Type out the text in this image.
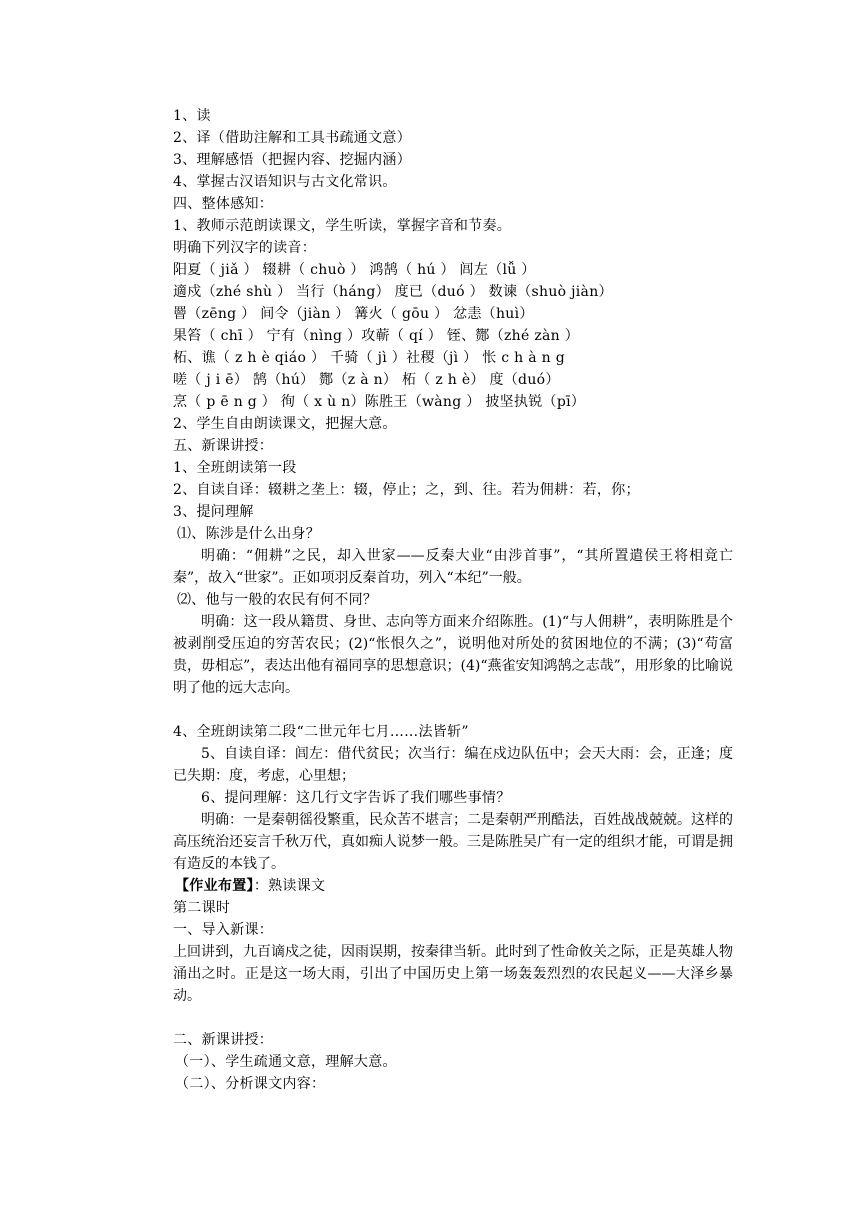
1、读
2、译（借助注解和工具书疏通文意）
3、理解感悟（把握内容、挖掘内涵）
4、掌握古汉语知识与古文化常识。
四、整体感知：
1、教师示范朗读课文，学生听读，掌握字音和节奏。
明确下列汉字的读音：
阳夏（ jiǎ ） 辍耕（ chuò ） 鸿鹄（ hú ） 闾左（lǚ ）
適戍（zhé shù ） 当行（háng） 度已（duó ） 数谏（shuò jiàn）
罾（zēng ） 间令（jiàn ） 篝火（ gōu ） 忿恚（huì）
果笞（ chī ） 宁有（nìng ）攻蕲（ qí ） 铚、酂（zhé zàn ）
柘、谯（ z h è qiáo ） 千骑（ jì ）社稷（jì ） 怅 c h à n g
嗟（ j i ē） 鹄（hú） 酂（z à n） 柘（ z h è） 度（duó）
烹（ p ē n g ） 徇（ x ù n）陈胜王（wàng ） 披坚执锐（pī）
2、学生自由朗读课文，把握大意。
五、新课讲授：
1、全班朗读第一段
2、自读自译：辍耕之垄上：辍，停止；之，到、往。若为佣耕：若，你；
3、提问理解
⑴、陈涉是什么出身？
明确：“佣耕”之民，却入世家——反秦大业“由涉首事”，“其所置遣侯王将相竟亡秦”，故入“世家”。正如项羽反秦首功，列入“本纪”一般。
⑵、他与一般的农民有何不同？
明确：这一段从籍贯、身世、志向等方面来介绍陈胜。(1)“与人佣耕”，表明陈胜是个被剥削受压迫的穷苦农民；(2)“怅恨久之”，说明他对所处的贫困地位的不满；(3)“苟富贵，毋相忘”，表达出他有福同享的思想意识；(4)“燕雀安知鸿鹄之志哉”，用形象的比喻说明了他的远大志向。
4、全班朗读第二段“二世元年七月……法皆斩”
5、自读自译：闾左：借代贫民；次当行：编在戍边队伍中；会天大雨：会，正逢；度已失期：度，考虑，心里想；
6、提问理解：这几行文字告诉了我们哪些事情？
明确：一是秦朝徭役繁重，民众苦不堪言；二是秦朝严刑酷法，百姓战战兢兢。这样的高压统治还妄言千秋万代，真如痴人说梦一般。三是陈胜吴广有一定的组织才能，可谓是拥有造反的本钱了。
【作业布置】：熟读课文
第二课时
一、导入新课：
上回讲到，九百谪戍之徒，因雨误期，按秦律当斩。此时到了性命攸关之际，正是英雄人物涌出之时。正是这一场大雨，引出了中国历史上第一场轰轰烈烈的农民起义——大泽乡暴动。
二、新课讲授：
（一）、学生疏通文意，理解大意。
（二）、分析课文内容：
